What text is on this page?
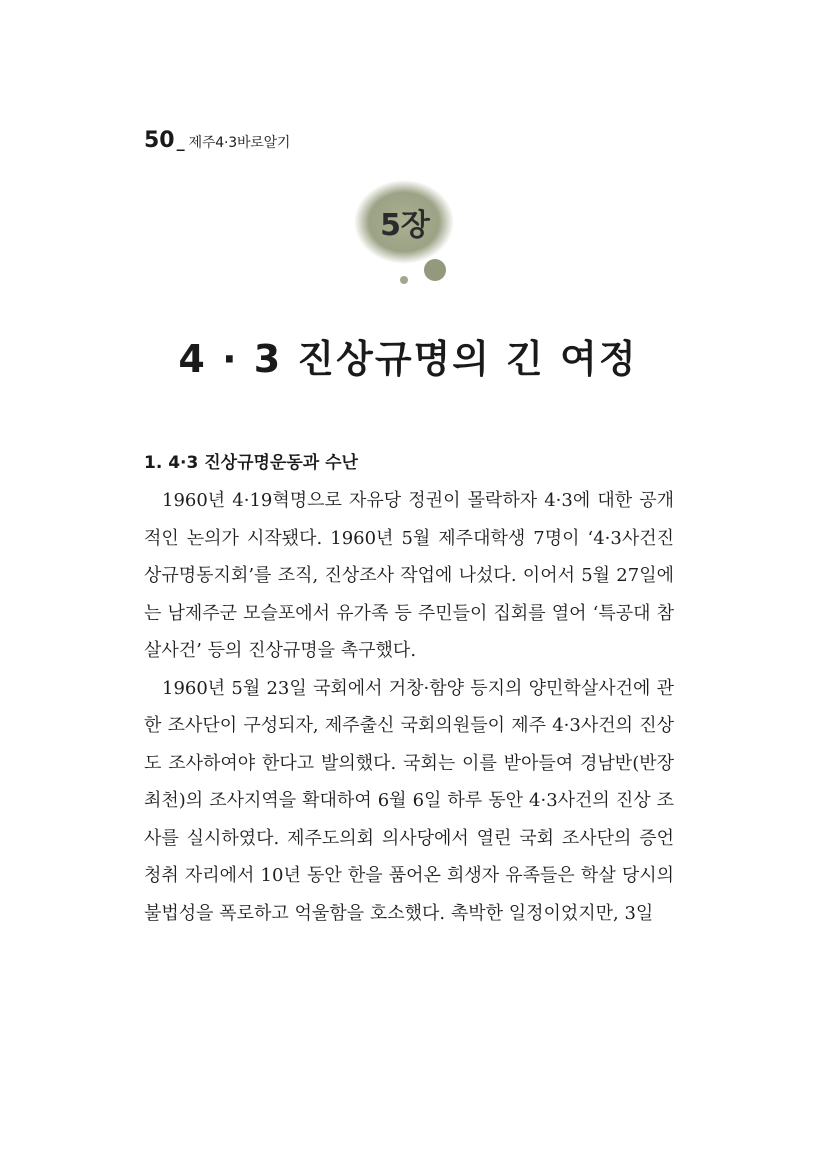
50 _ 제주4·3바로알기
5장
4 · 3 진상규명의 긴 여정
1. 4·3 진상규명운동과 수난

1960년 4·19혁명으로 자유당 정권이 몰락하자 4·3에 대한 공개적인 논의가 시작됐다. 1960년 5월 제주대학생 7명이 ‘4·3사건진상규명동지회’를 조직, 진상조사 작업에 나섰다. 이어서 5월 27일에는 남제주군 모슬포에서 유가족 등 주민들이 집회를 열어 ‘특공대 참살사건’ 등의 진상규명을 촉구했다.

1960년 5월 23일 국회에서 거창·함양 등지의 양민학살사건에 관한 조사단이 구성되자, 제주출신 국회의원들이 제주 4·3사건의 진상도 조사하여야 한다고 발의했다. 국회는 이를 받아들여 경남반(반장 최천)의 조사지역을 확대하여 6월 6일 하루 동안 4·3사건의 진상 조사를 실시하였다. 제주도의회 의사당에서 열린 국회 조사단의 증언 청취 자리에서 10년 동안 한을 품어온 희생자 유족들은 학살 당시의 불법성을 폭로하고 억울함을 호소했다. 촉박한 일정이었지만, 3일
